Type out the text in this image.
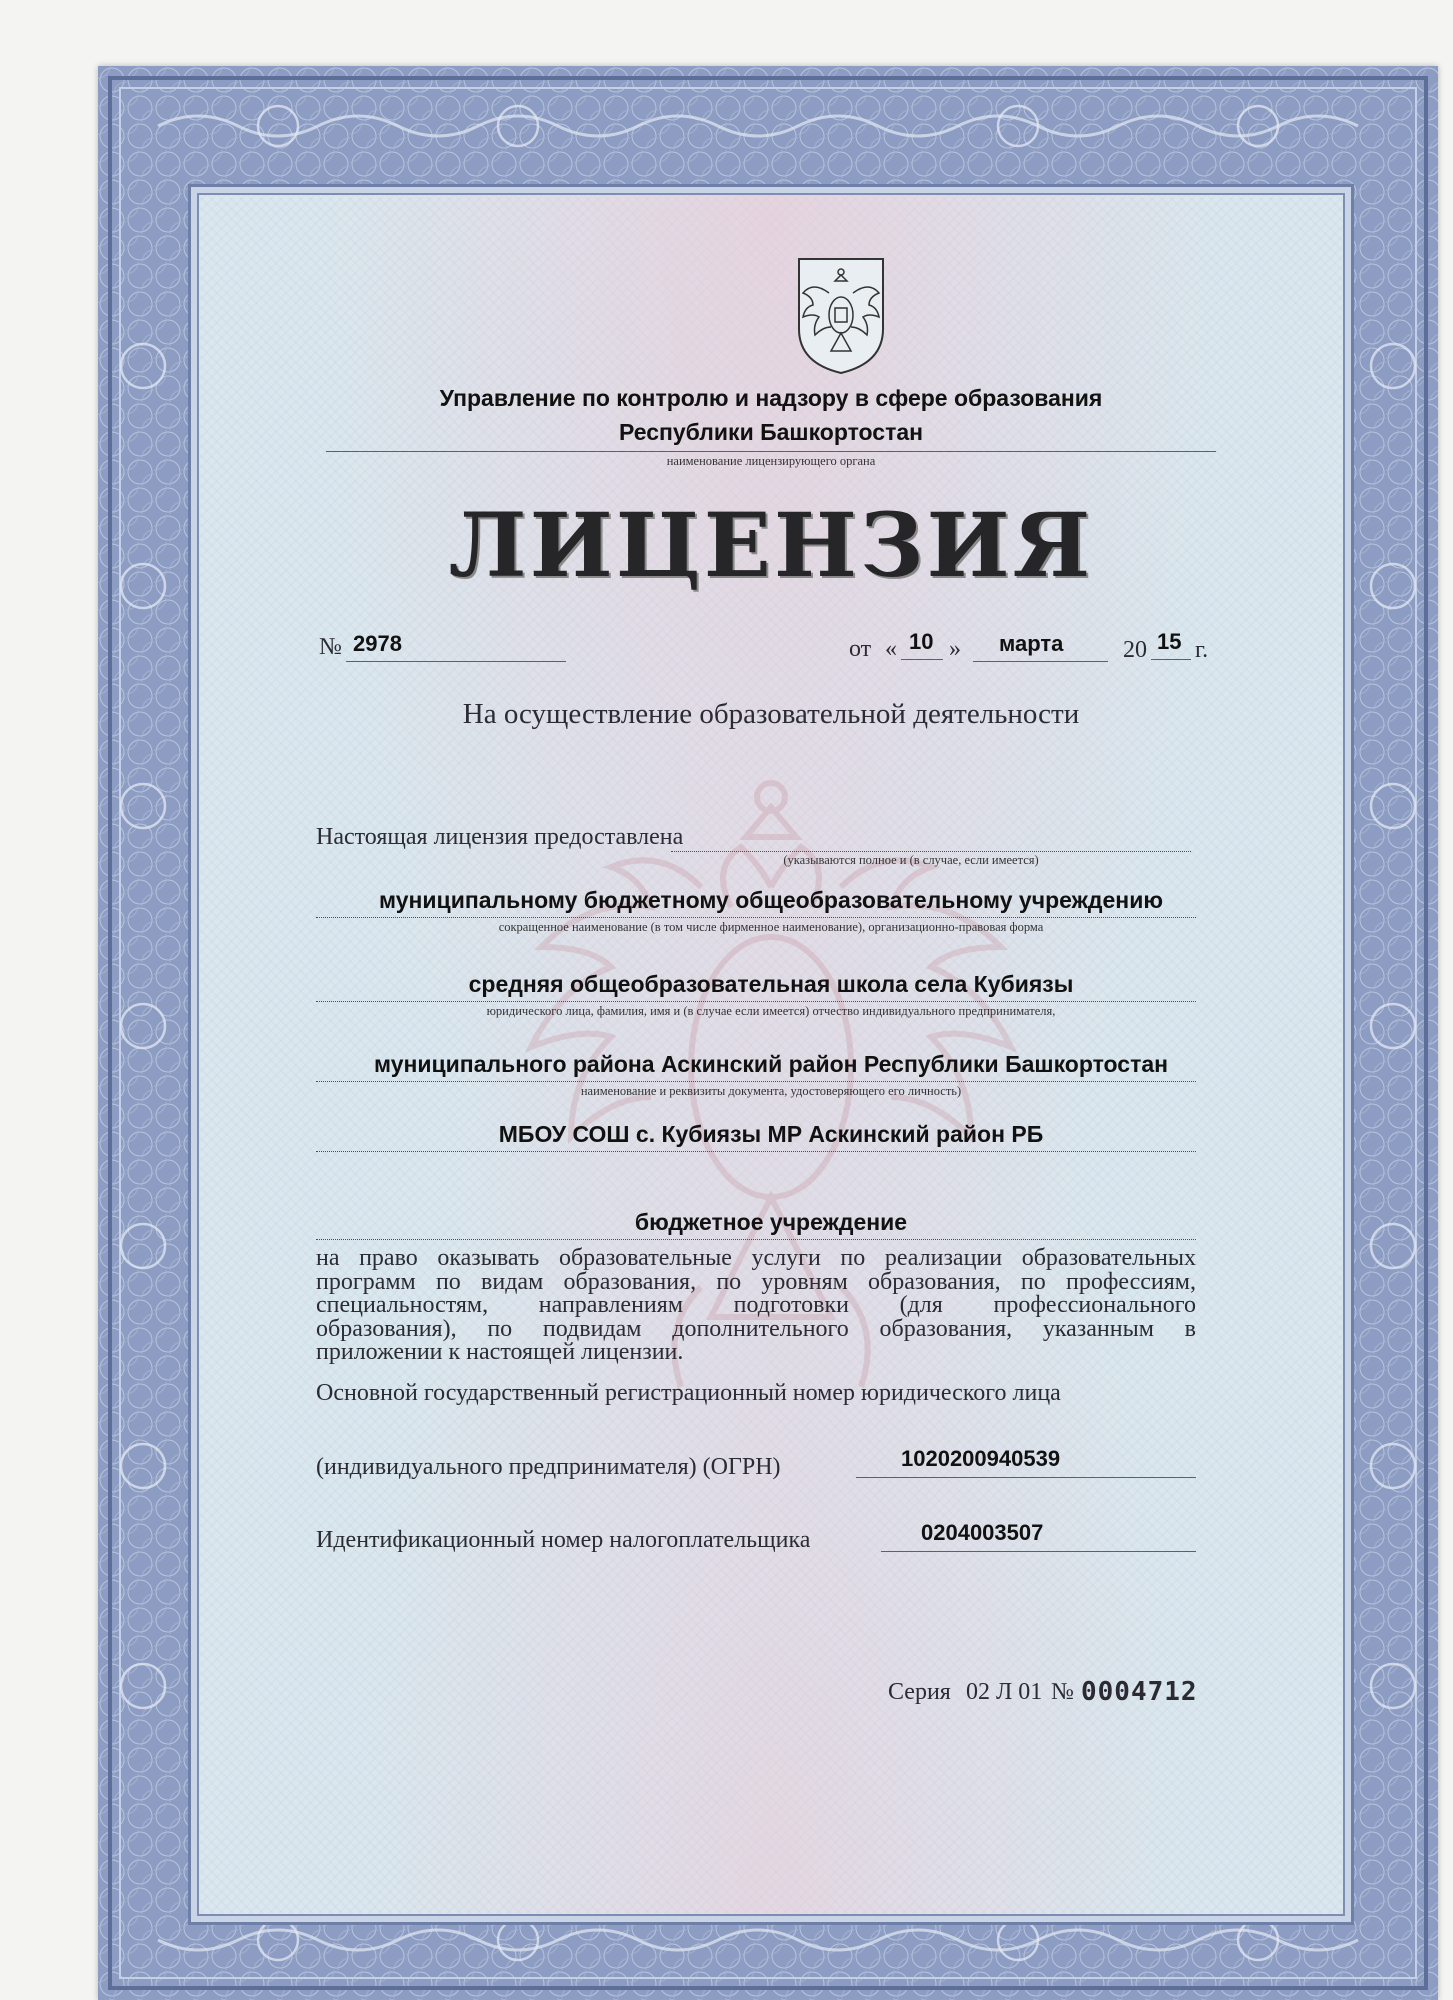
Управление по контролю и надзору в сфере образования
Республики Башкортостан
наименование лицензирующего органа
ЛИЦЕНЗИЯ
№ 2978	от « 10 » марта 20 15 г.
На осуществление образовательной деятельности
Настоящая лицензия предоставлена
(указываются полное и (в случае, если имеется)
муниципальному бюджетному общеобразовательному учреждению
сокращенное наименование (в том числе фирменное наименование), организационно-правовая форма
средняя общеобразовательная школа села Кубиязы
юридического лица, фамилия, имя и (в случае если имеется) отчество индивидуального предпринимателя,
муниципального района Аскинский район Республики Башкортостан
наименование и реквизиты документа, удостоверяющего его личность)
МБОУ СОШ с. Кубиязы МР Аскинский район РБ
бюджетное учреждение
на право оказывать образовательные услуги по реализации образовательных
программ по видам образования, по уровням образования, по профессиям,
специальностям, направлениям подготовки (для профессионального
образования), по подвидам дополнительного образования, указанным в
приложении к настоящей лицензии.
Основной государственный регистрационный номер юридического лица
(индивидуального предпринимателя) (ОГРН)	1020200940539
Идентификационный номер налогоплательщика	0204003507
Серия 02 Л 01 № 0004712
